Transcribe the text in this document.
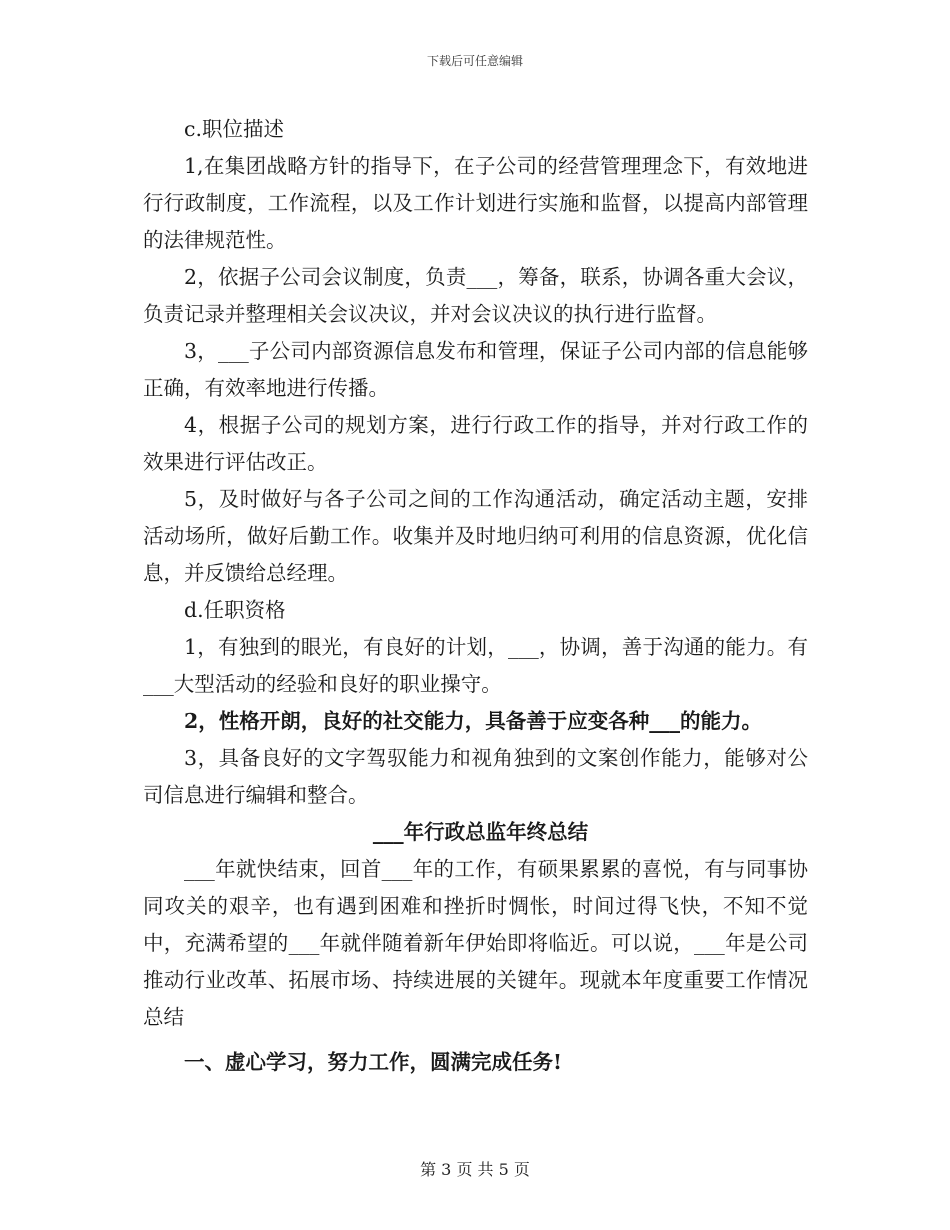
下载后可任意编辑

c.职位描述

1,在集团战略方针的指导下，在子公司的经营管理理念下，有效地进行行政制度，工作流程，以及工作计划进行实施和监督，以提高内部管理的法律规范性。

2，依据子公司会议制度，负责___，筹备，联系，协调各重大会议，负责记录并整理相关会议决议，并对会议决议的执行进行监督。

3，___子公司内部资源信息发布和管理，保证子公司内部的信息能够正确，有效率地进行传播。

4，根据子公司的规划方案，进行行政工作的指导，并对行政工作的效果进行评估改正。

5，及时做好与各子公司之间的工作沟通活动，确定活动主题，安排活动场所，做好后勤工作。收集并及时地归纳可利用的信息资源，优化信息，并反馈给总经理。

d.任职资格

1，有独到的眼光，有良好的计划，___，协调，善于沟通的能力。有___大型活动的经验和良好的职业操守。

2，性格开朗，良好的社交能力，具备善于应变各种___的能力。

3，具备良好的文字驾驭能力和视角独到的文案创作能力，能够对公司信息进行编辑和整合。

___年行政总监年终总结

___年就快结束，回首___年的工作，有硕果累累的喜悦，有与同事协同攻关的艰辛，也有遇到困难和挫折时惆怅，时间过得飞快，不知不觉中，充满希望的___年就伴随着新年伊始即将临近。可以说，___年是公司推动行业改革、拓展市场、持续进展的关键年。现就本年度重要工作情况总结

一、虚心学习，努力工作，圆满完成任务!

第 3 页 共 5 页
